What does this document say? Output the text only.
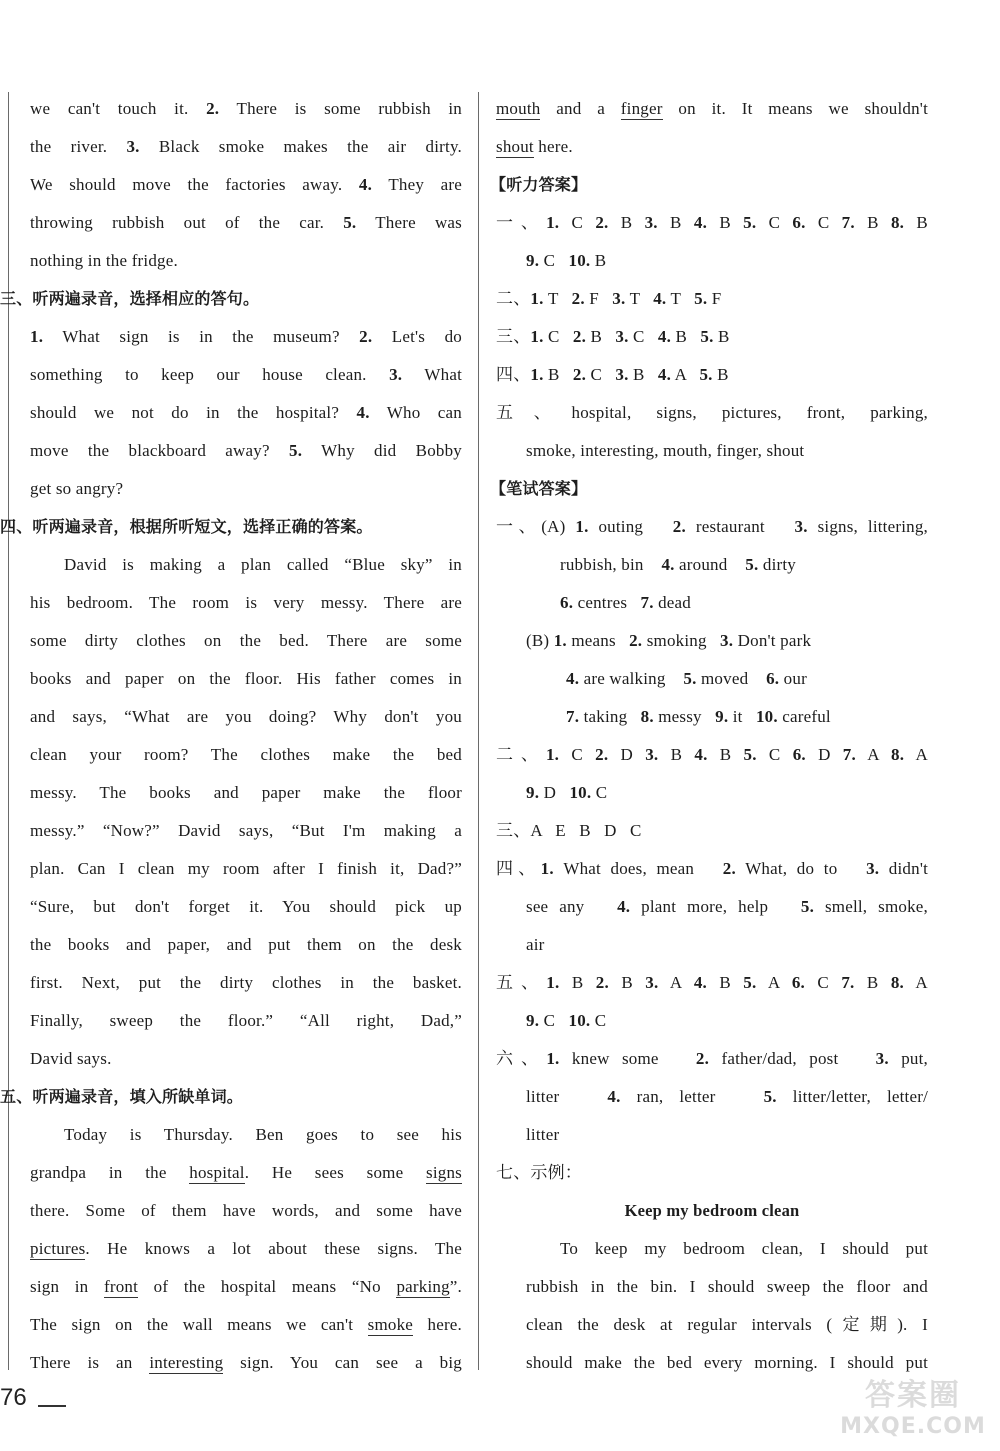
we can't touch it. 2. There is some rubbish in
the river. 3. Black smoke makes the air dirty.
We should move the factories away. 4. They are
throwing rubbish out of the car. 5. There was
nothing in the fridge.
三、听两遍录音，选择相应的答句。
1. What sign is in the museum? 2. Let's do
something to keep our house clean. 3. What
should we not do in the hospital? 4. Who can
move the blackboard away? 5. Why did Bobby
get so angry?
四、听两遍录音，根据所听短文，选择正确的答案。
David is making a plan called “Blue sky” in
his bedroom. The room is very messy. There are
some dirty clothes on the bed. There are some
books and paper on the floor. His father comes in
and says, “What are you doing? Why don't you
clean your room? The clothes make the bed
messy. The books and paper make the floor
messy.” “Now?” David says, “But I'm making a
plan. Can I clean my room after I finish it, Dad?”
“Sure, but don't forget it. You should pick up
the books and paper, and put them on the desk
first. Next, put the dirty clothes in the basket.
Finally, sweep the floor.” “All right, Dad,”
David says.
五、听两遍录音，填入所缺单词。
Today is Thursday. Ben goes to see his
grandpa in the hospital. He sees some signs
there. Some of them have words, and some have
pictures. He knows a lot about these signs. The
sign in front of the hospital means “No parking”.
The sign on the wall means we can't smoke here.
There is an interesting sign. You can see a big
mouth and a finger on it. It means we shouldn't
shout here.
【听力答案】
一、1. C 2. B 3. B 4. B 5. C 6. C 7. B 8. B
9. C   10. B
二、1. T   2. F   3. T   4. T   5. F
三、1. C   2. B   3. C   4. B   5. B
四、1. B   2. C   3. B   4. A   5. B
五、hospital, signs, pictures, front, parking,
smoke, interesting, mouth, finger, shout
【笔试答案】
一、(A) 1. outing   2. restaurant   3. signs, littering,
rubbish, bin    4. around    5. dirty
6. centres   7. dead
(B) 1. means   2. smoking   3. Don't park
4. are walking    5. moved    6. our
7. taking   8. messy   9. it   10. careful
二、1. C 2. D 3. B 4. B 5. C 6. D 7. A 8. A
9. D   10. C
三、A   E   B   D   C
四、1. What does, mean   2. What, do to   3. didn't
see any   4. plant more, help   5. smell, smoke,
air
五、1. B 2. B 3. A 4. B 5. A 6. C 7. B 8. A
9. C   10. C
六、1. knew some   2. father/dad, post   3. put,
litter   4. ran, letter   5. litter/letter, letter/
litter
七、示例：
Keep my bedroom clean
To keep my bedroom clean, I should put
rubbish in the bin. I should sweep the floor and
clean the desk at regular intervals (定期). I
should make the bed every morning. I should put
76	答案圈
MXQE.COM
